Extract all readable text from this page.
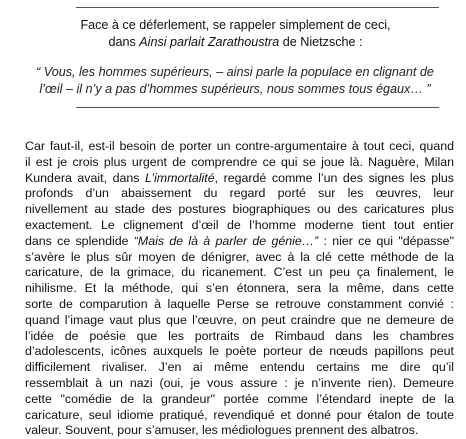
Face à ce déferlement, se rappeler simplement de ceci,
dans Ainsi parlait Zarathoustra de Nietzsche :
“ Vous, les hommes supérieurs, – ainsi parle la populace en clignant de
l’œil – il n’y a pas d’hommes supérieurs, nous sommes tous égaux… ”
Car faut-il, est-il besoin de porter un contre-argumentaire à tout ceci, quand
il est je crois plus urgent de comprendre ce qui se joue là. Naguère, Milan
Kundera avait, dans L’immortalité, regardé comme l’un des signes les plus
profonds d’un abaissement du regard porté sur les œuvres, leur
nivellement au stade des postures biographiques ou des caricatures plus
exactement. Le clignement d’œil de l’homme moderne tient tout entier
dans ce splendide “Mais de là à parler de génie…” : nier ce qui "dépasse"
s’avère le plus sûr moyen de dénigrer, avec à la clé cette méthode de la
caricature, de la grimace, du ricanement. C’est un peu ça finalement, le
nihilisme. Et la méthode, qui s’en étonnera, sera la même, dans cette
sorte de comparution à laquelle Perse se retrouve constamment convié :
quand l’image vaut plus que l’œuvre, on peut craindre que ne demeure de
l’idée de poésie que les portraits de Rimbaud dans les chambres
d’adolescents, icônes auxquels le poète porteur de nœuds papillons peut
difficilement rivaliser. J’en ai même entendu certains me dire qu’il
ressemblait à un nazi (oui, je vous assure : je n’invente rien). Demeure
cette "comédie de la grandeur" portée comme l’étendard inepte de la
caricature, seul idiome pratiqué, revendiqué et donné pour étalon de toute
valeur. Souvent, pour s’amuser, les médiologues prennent des albatros.
